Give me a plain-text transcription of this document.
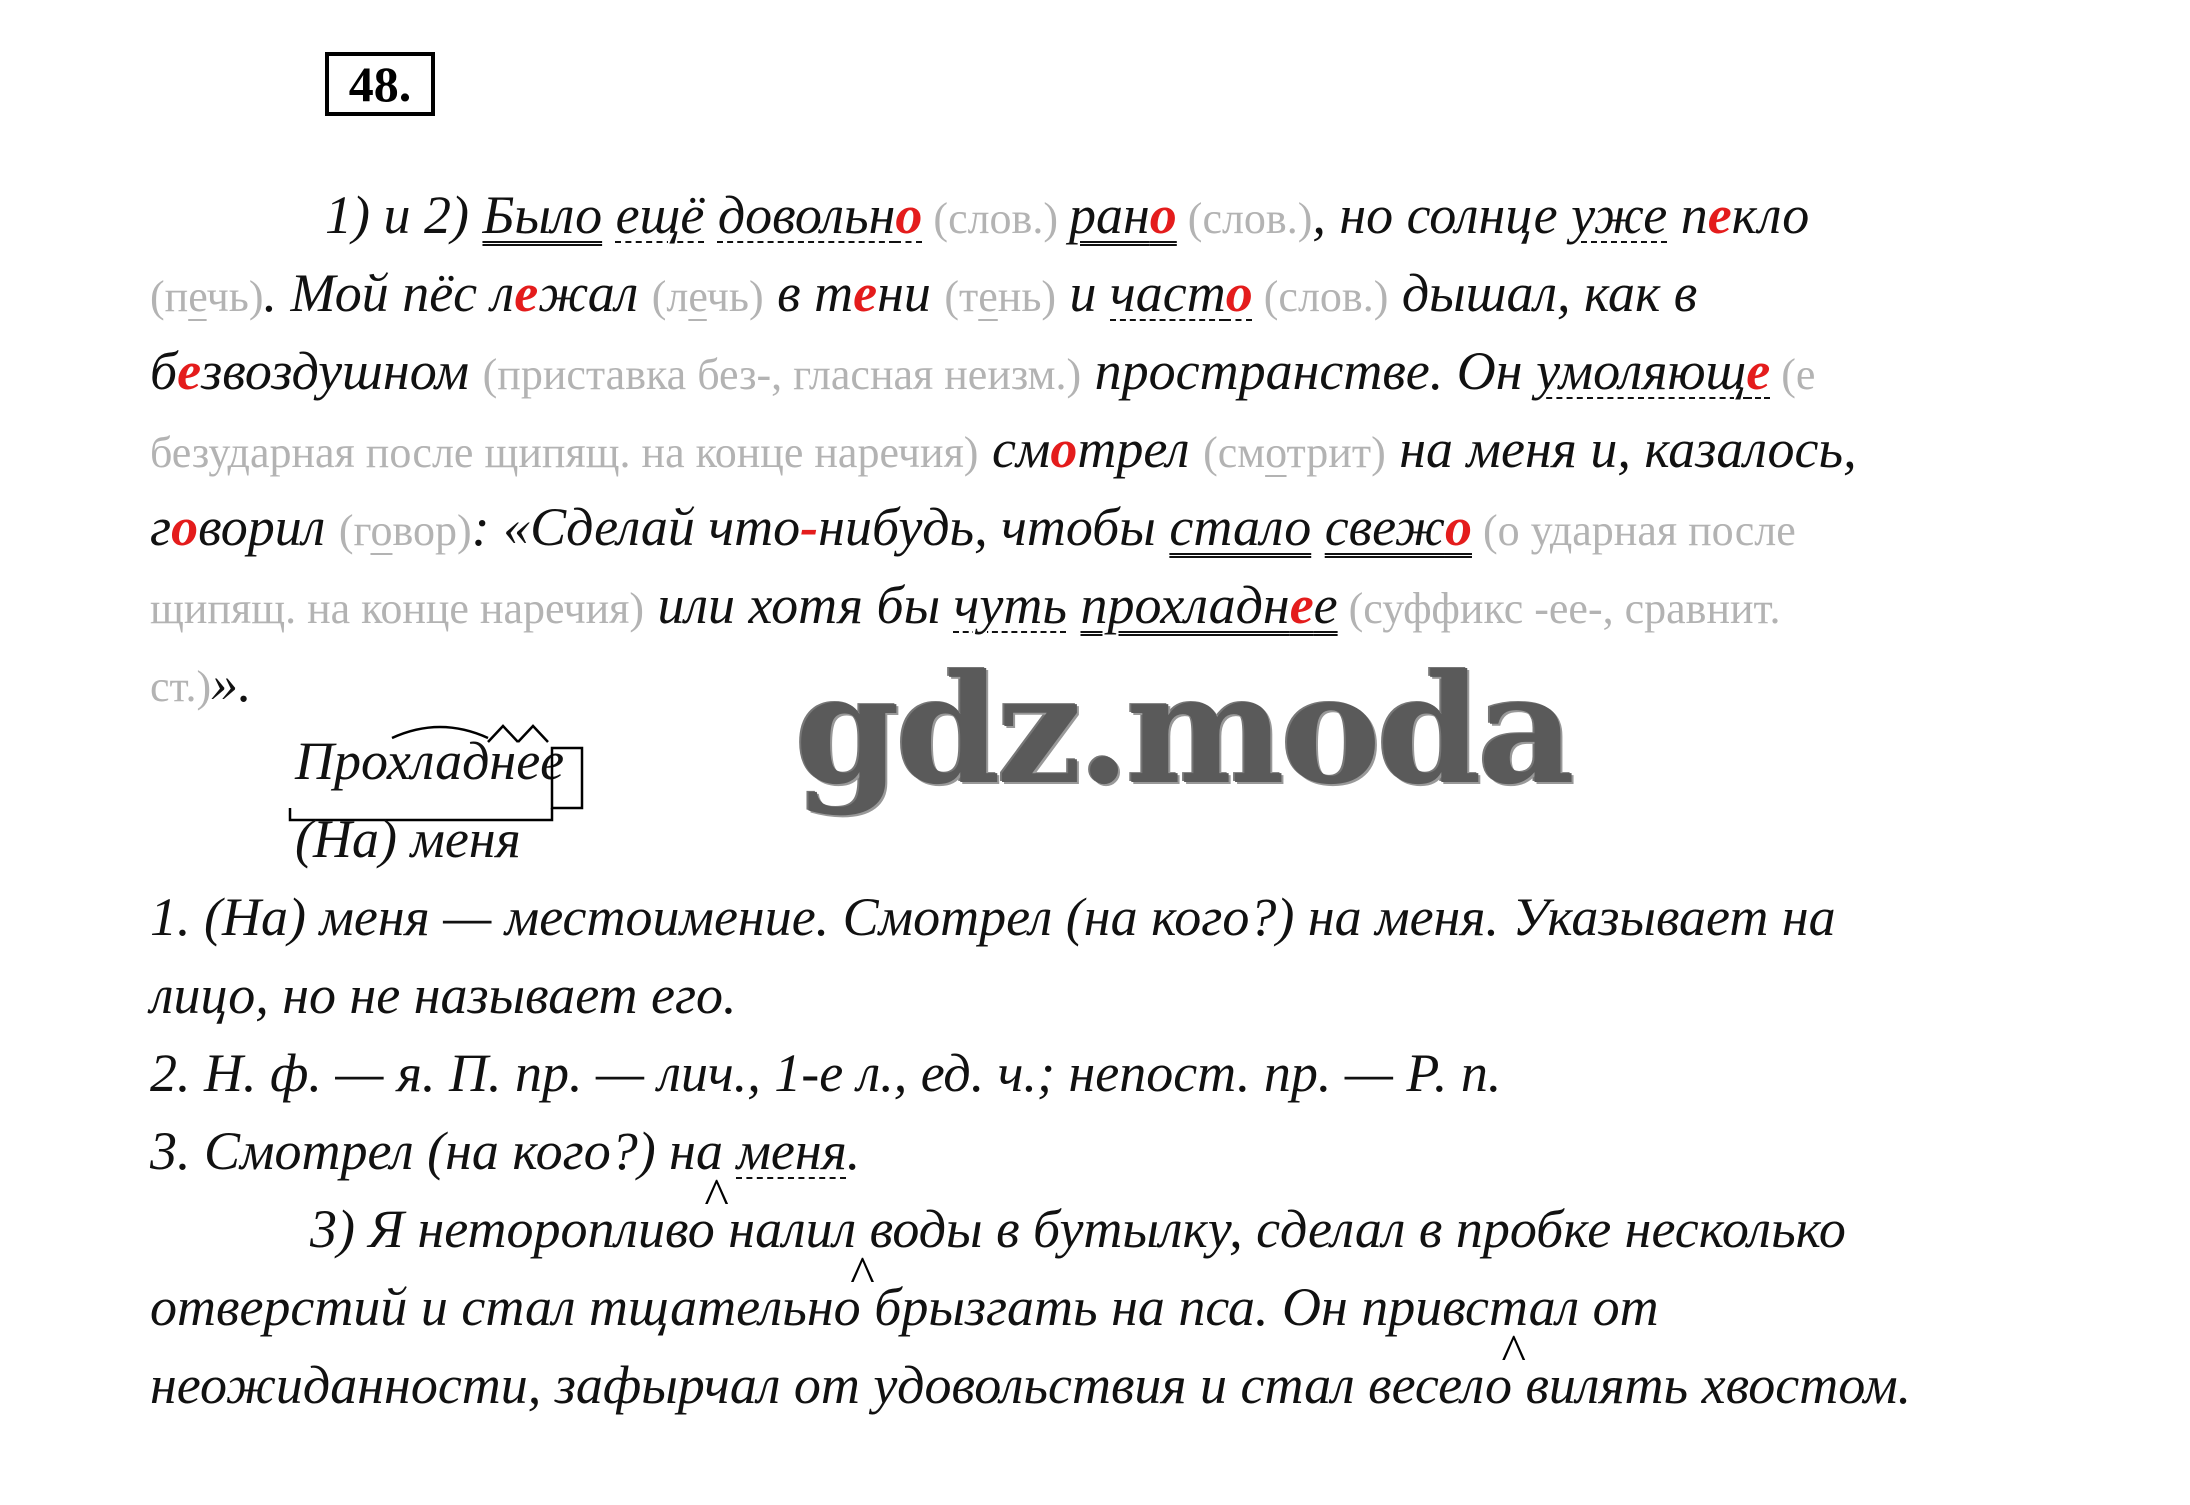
48.
1) и 2) Было ещё довольно (слов.) рано (слов.), но солнце уже пекло
(печь). Мой пёс лежал (лечь) в тени (тень) и часто (слов.) дышал, как в
безвоздушном (приставка без-, гласная неизм.) пространстве. Он умоляюще (е
безударная после щипящ. на конце наречия) смотрел (смотрит) на меня и, казалось,
говорил (говор): «Сделай что-нибудь, чтобы стало свежо (о ударная после
щипящ. на конце наречия) или хотя бы чуть прохладнее (суффикс -ее-, сравнит.
ст.)».
Прохладнее gdz.moda
(На) меня
1. (На) меня — местоимение. Смотрел (на кого?) на меня. Указывает на
лицо, но не называет его.
2. Н. ф. — я. П. пр. — лич., 1-е л., ед. ч.; непост. пр. — Р. п.
3. Смотрел (на кого?) на меня.
3) Я неторопливо ^ налил воды в бутылку, сделал в пробке несколько
отверстий и стал тщательно ^ брызгать на пса. Он привстал от
неожиданности, зафырчал от удовольствия и стал весело ^ вилять хвостом.
